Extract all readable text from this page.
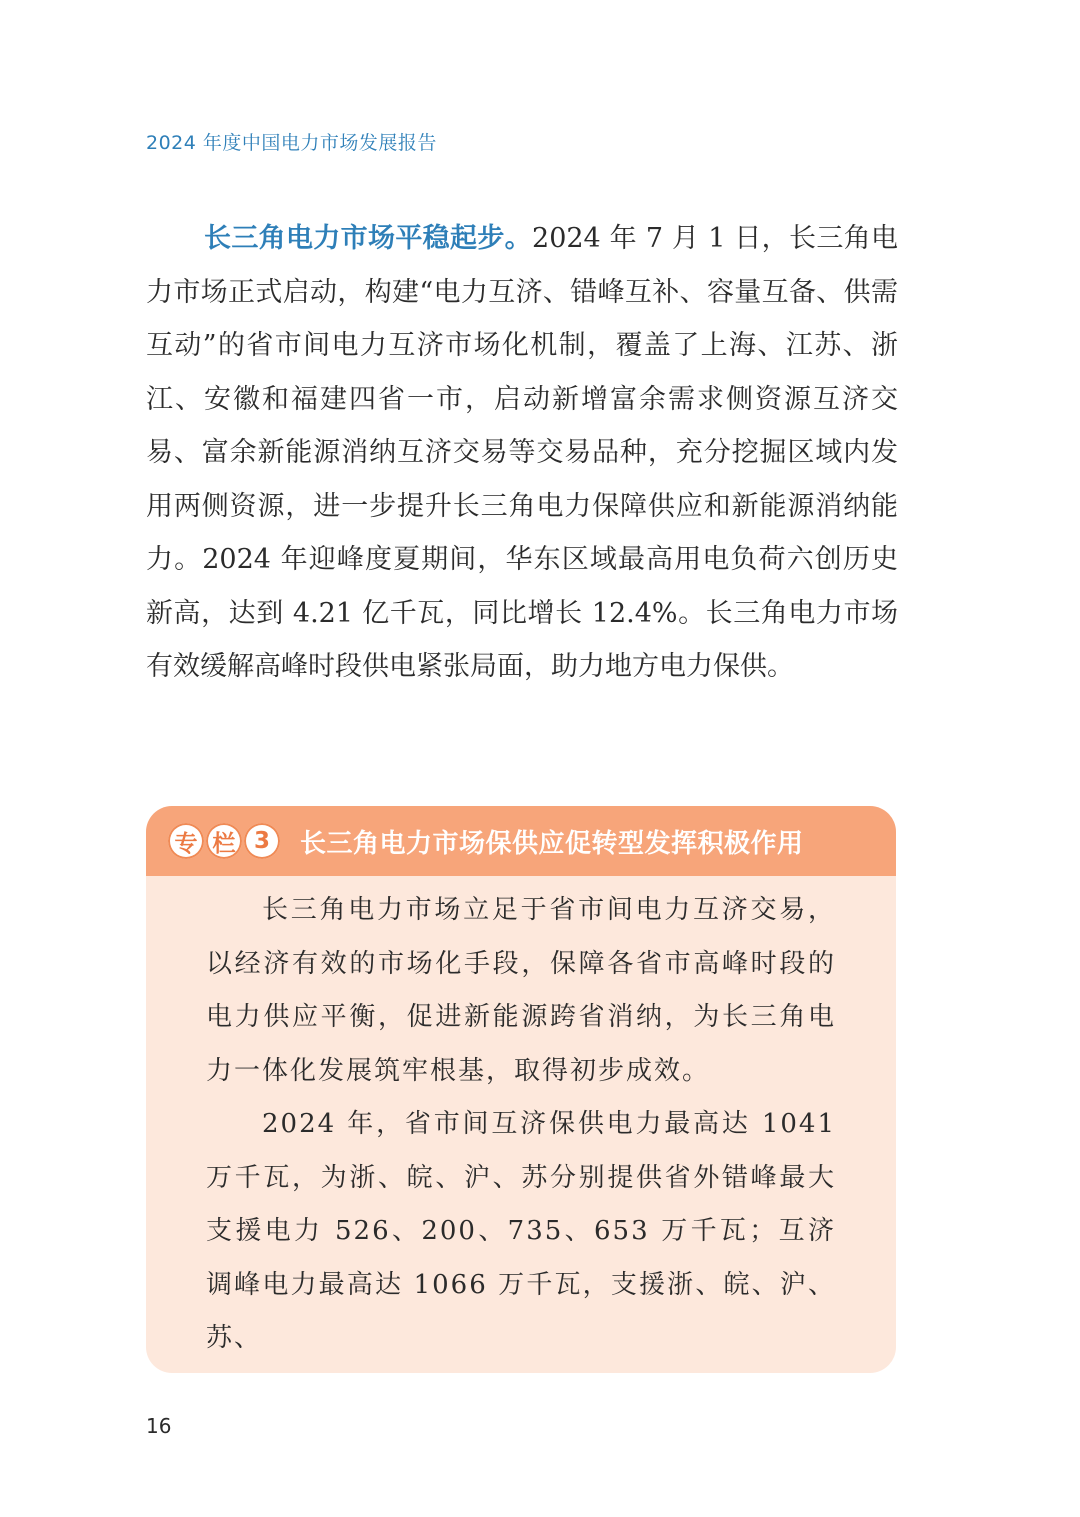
2024 年度中国电力市场发展报告

长三角电力市场平稳起步。2024 年 7 月 1 日，长三角电力市场正式启动，构建“电力互济、错峰互补、容量互备、供需互动”的省市间电力互济市场化机制，覆盖了上海、江苏、浙江、安徽和福建四省一市，启动新增富余需求侧资源互济交易、富余新能源消纳互济交易等交易品种，充分挖掘区域内发用两侧资源，进一步提升长三角电力保障供应和新能源消纳能力。2024 年迎峰度夏期间，华东区域最高用电负荷六创历史新高，达到 4.21 亿千瓦，同比增长 12.4%。长三角电力市场有效缓解高峰时段供电紧张局面，助力地方电力保供。

专 栏 3	长三角电力市场保供应促转型发挥积极作用

长三角电力市场立足于省市间电力互济交易，以经济有效的市场化手段，保障各省市高峰时段的电力供应平衡，促进新能源跨省消纳，为长三角电力一体化发展筑牢根基，取得初步成效。

2024 年，省市间互济保供电力最高达 1041 万千瓦，为浙、皖、沪、苏分别提供省外错峰最大支援电力 526、200、735、653 万千瓦；互济调峰电力最高达 1066 万千瓦，支援浙、皖、沪、苏、

16
